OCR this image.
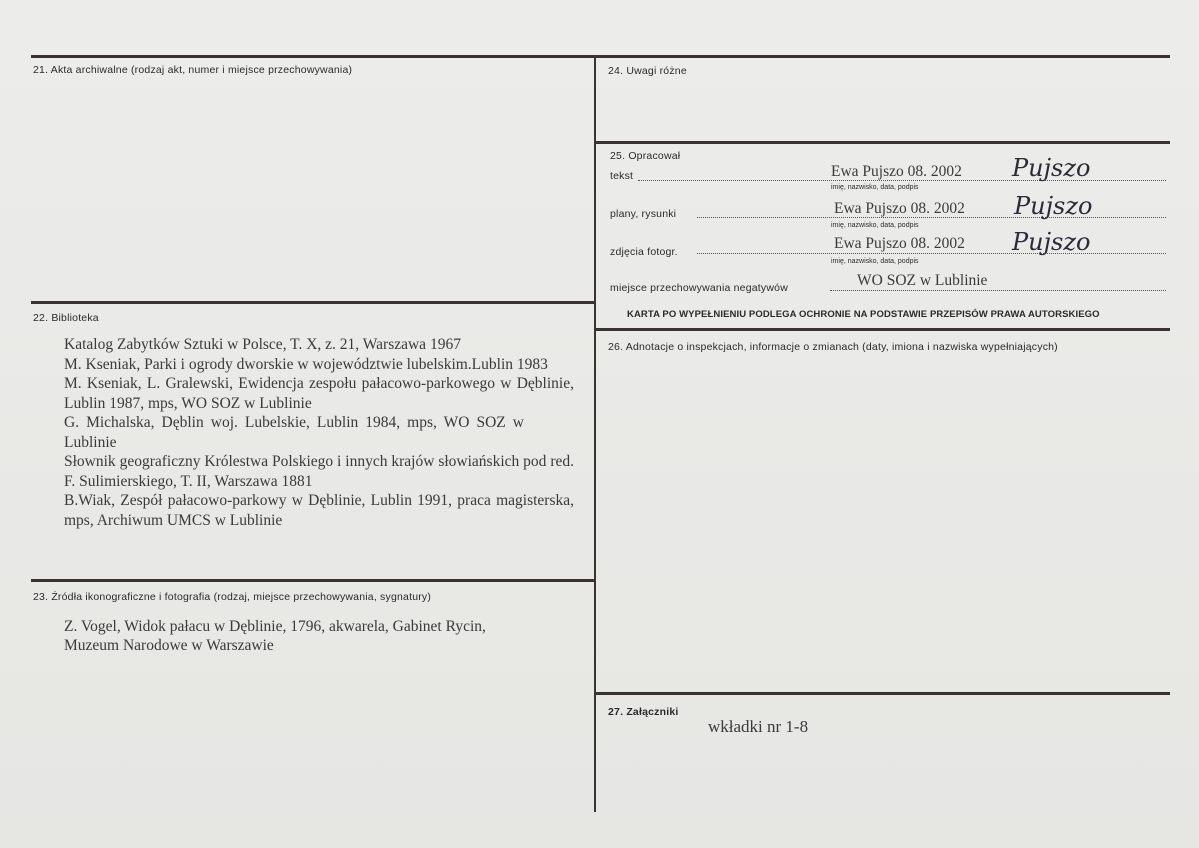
21. Akta archiwalne (rodzaj akt, numer i miejsce przechowywania)
22. Biblioteka
Katalog Zabytków Sztuki w Polsce, T. X, z. 21, Warszawa 1967
M. Kseniak, Parki i ogrody dworskie w województwie lubelskim.Lublin 1983
M. Kseniak, L. Gralewski, Ewidencja zespołu pałacowo-parkowego w Dęblinie, Lublin 1987, mps, WO SOZ w Lublinie
G. Michalska, Dęblin woj. Lubelskie, Lublin 1984, mps, WO SOZ w Lublinie
Słownik geograficzny Królestwa Polskiego i innych krajów słowiańskich pod red. F. Sulimierskiego, T. II, Warszawa 1881
B.Wiak, Zespół pałacowo-parkowy w Dęblinie, Lublin 1991, praca magisterska, mps, Archiwum UMCS w Lublinie
23. Źródła ikonograficzne i fotografia (rodzaj, miejsce przechowywania, sygnatury)
Z. Vogel, Widok pałacu w Dęblinie, 1796, akwarela, Gabinet Rycin,
Muzeum Narodowe w Warszawie
24. Uwagi różne
25. Opracował
tekst	Ewa Pujszo 08. 2002
imię, nazwisko, data, podpis
Pujszo
plany, rysunki	Ewa Pujszo 08. 2002
imię, nazwisko, data, podpis
Pujszo
zdjęcia fotogr.	Ewa Pujszo 08. 2002
imię, nazwisko, data, podpis
Pujszo
miejsce przechowywania negatywów	WO SOZ w Lublinie
KARTA PO WYPEŁNIENIU PODLEGA OCHRONIE NA PODSTAWIE PRZEPISÓW PRAWA AUTORSKIEGO
26. Adnotacje o inspekcjach, informacje o zmianach (daty, imiona i nazwiska wypełniających)
27. Załączniki
wkładki nr 1-8
